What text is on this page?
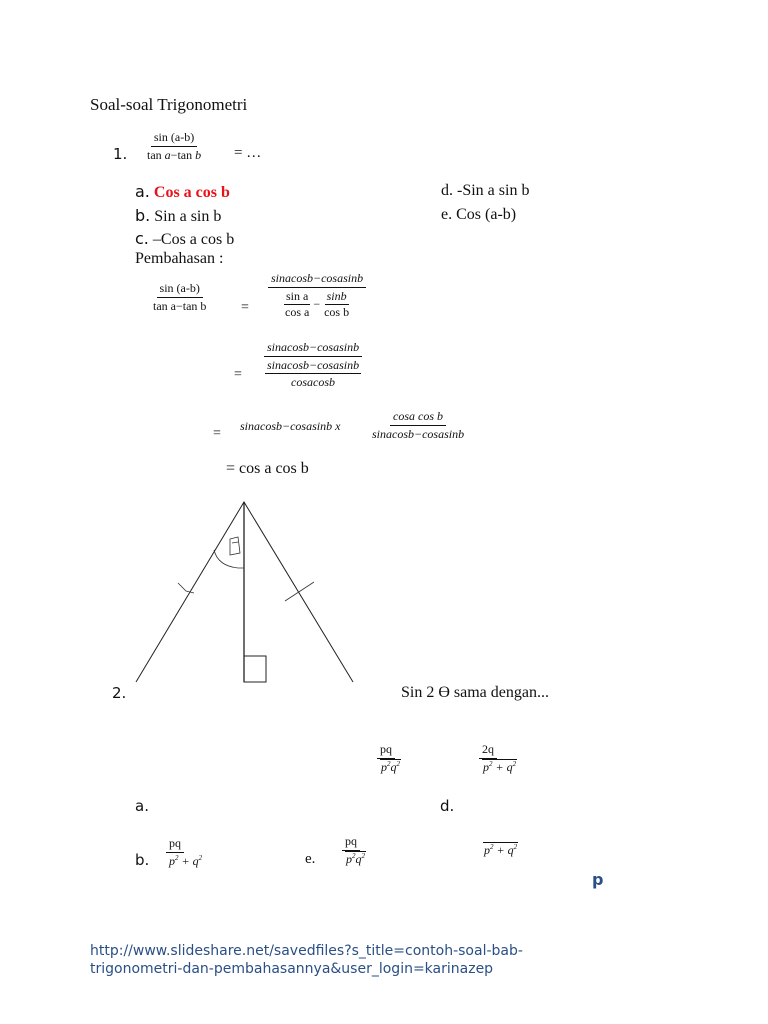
Soal-soal Trigonometri
1. $\frac{\sin (a-b)}{\text{tan a−tan b}}$ = …
a. Cos a cos b
b. Sin a sin b
c. –Cos a cos b
d. -Sin a sin b
e. Cos (a-b)
Pembahasan :
$\frac{\sin (a-b)}{\text{tan a−tan b}}$ = sinacosb−cosasinb
sin a
cos a
− $\frac{\sin b}{\text{cos b}}$
= sinacosb−cosasinb
sinacosb−cosasinb
cosacosb
= sinacosb−cosasinb x $\frac{\text{cosa cos b}}{\text{sinacosb−cosasinb}}$
= cos a cos b
2.	Sin 2 ϴ sama dengan...
$\frac{pq}{p^2q^2}$	$\frac{2q}{p^2 + q^2}$
a.	d.
b. $\frac{pq}{p^2 + q^2}$	e. $\frac{pq}{p^2q^2}$	$p^2 + q^2$
p
http://www.slideshare.net/savedfiles?s_title=contoh-soal-bab-
trigonometri-dan-pembahasannya&user_login=karinazep
